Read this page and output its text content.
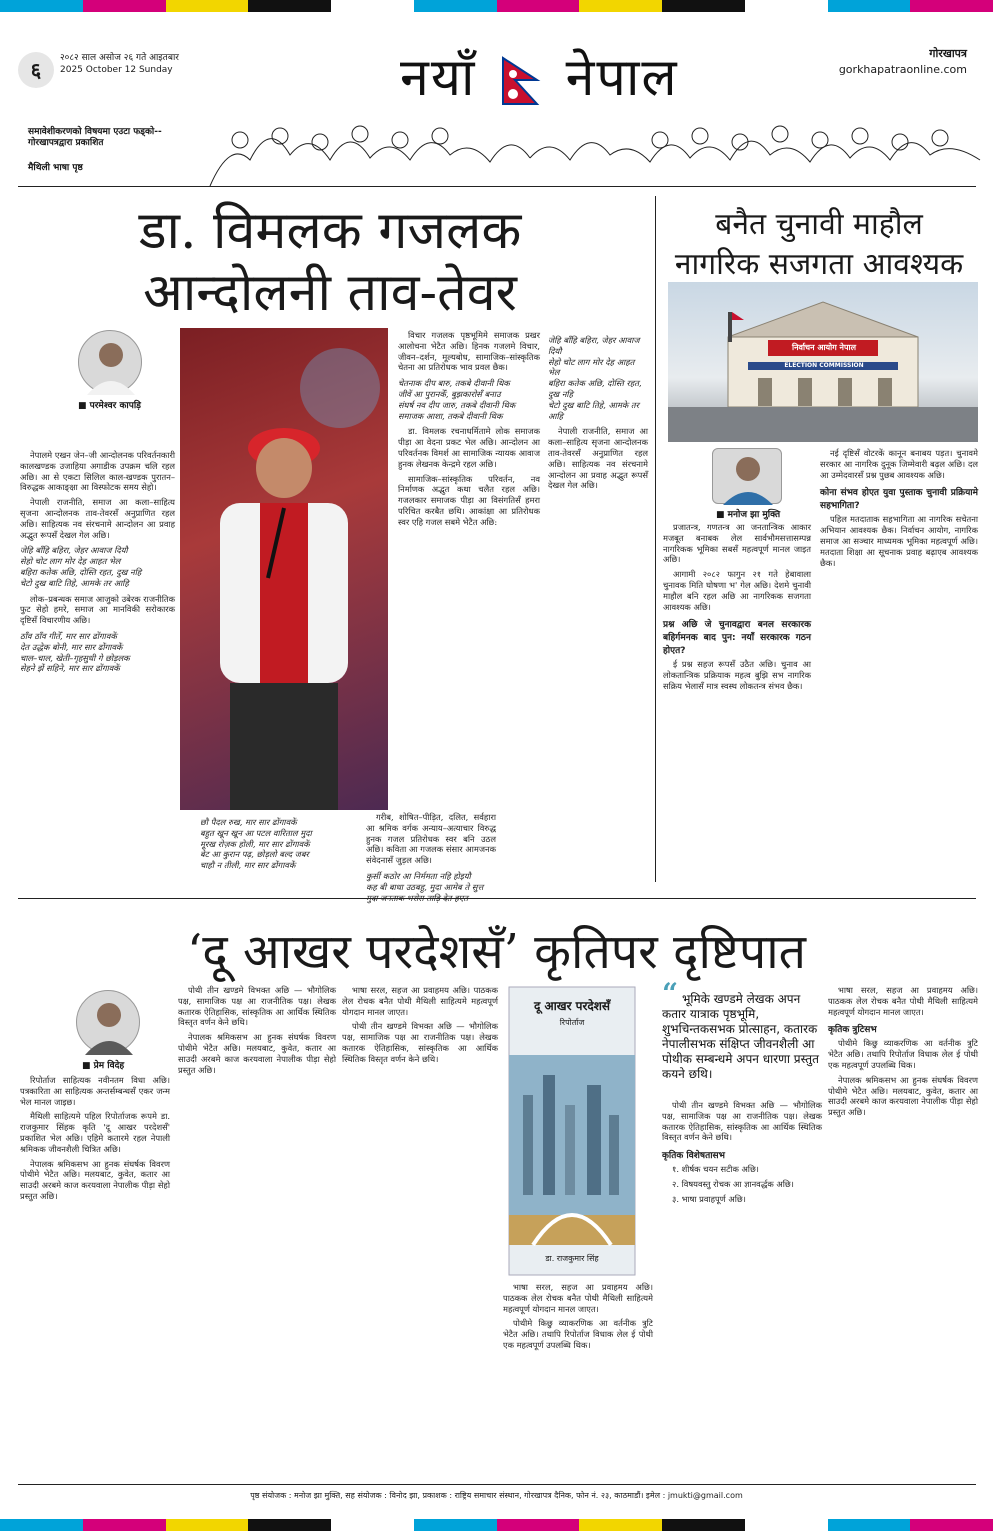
६	२०८२ साल असोज २६ गते आइतबार
2025 October 12 Sunday	नयाँ नेपाल	गोरखापत्र
gorkhapatraonline.com
समावेशीकरणको विषयमा एउटा फड्को-- गोरखापत्रद्वारा प्रकाशित
मैथिली भाषा पृष्ठ
डा. विमलक गजलक
आन्दोलनी ताव-तेवर
■ परमेश्वर कापड़ि

नेपालमे एखन जेन–जी आन्दोलनक परिवर्तनकारी कालखण्डक उजाहिया अगाडीक उपक्रम चलि रहल अछि। आ से एकटा सिलिल काल-खण्डक पुरातन–विरुद्धक आकाङ्क्षा आ विस्फोटक समय सेहो।

नेपाली राजनीति, समाज आ कला–साहित्य सृजना आन्दोलनक ताव-तेवरसँ अनुप्राणित रहल अछि। साहित्यक नव संरचनामे आन्दोलन आ प्रवाह अद्भुत रूपसँ देखल गेल अछि।

जेहि बाँहि बहिरा, जेहर आवाज दियौ
सेहो चोट लाग मोर देह आहत भेल
बहिरा कतेक अछि, दोस्ति रहत, दुख नहि
चेटो दुख बाटि तिहे, आमके तर आहि

लोक–प्रबन्धक समाज आजुको उबेरक राजनीतिक फुट सेहो हमरे, समाज आ मानविकी सरोकारक दृष्टिसँ विचारणीय अछि।

ठाँव ठाँव गीतेँ, मार सार ढोंगावकें
देत उद्धेक बोनी, मार सार ढोंगावकें
चाल–चाल, खेती–गृहसुधी गे छोड़लक
सेहने झें सहिने, मार सार ढोंगावकें
छौ पैदल रुख, मार सार ढोंगावकें
बहुत खून खून आ पटल वारिताल मुदा
मूरख रोज़क होली, मार सार ढोंगावकें
बेट आ कुरान पढ़, छोड़लो बल्द जबर
चाहौ न तीली, मार सार ढोंगावकें

गरीब, शोषित–पीड़ित, दलित, सर्वहारा आ श्रमिक वर्गक अन्याय–अत्याचार विरुद्ध हुनक गजल प्रतिरोधक स्वर बनि उठल अछि। कविता आ गजलक संसार आमजनक संवेदनासँ जुड़ल अछि।

कुर्सी कठोर आ निर्ममता नहि होइयौ
कह बी बाधा उठबहु, मुदा आमेब ते सुत्त

विचार गजलक पृष्ठभूमिमे समाजक प्रखर आलोचना भेटैत अछि। हिनक गजलमे विचार, जीवन–दर्शन, मूल्यबोध, सामाजिक–सांस्कृतिक चेतना आ प्रतिरोधक भाव प्रवल छैक।

चेतनाक दीप बारु, तकबे दीवानी थिक
जीवें आ पुरानकेँ, बुझकारोसँ बनाउ
संघर्ष नव दीप जारु, तकबे दीवानी थिक
समाजक आशा, तकबे दीवानी थिक

डा. विमलक रचनाधर्मितामे लोक समाजक पीड़ा आ वेदना प्रकट भेल अछि। आन्दोलन आ परिवर्तनक विमर्श आ सामाजिक न्यायक आवाज हुनक लेखनक केन्द्रमे रहल अछि।

सामाजिक–सांस्कृतिक परिवर्तन, नव निर्माणक अद्भुत कथा चलैत रहल अछि। गजलकार समाजक पीड़ा आ विसंगतिसँ हमरा परिचित करबैत छथि। आकांक्षा आ प्रतिरोधक स्वर एहि गजल सबमे भेटैत अछि:

जेहि बाँहि बहिरा, जेहर आवाज दियौ
सेहो चोट लाग मोर देह आहत भेल
बहिरा कतेक अछि, दोस्ति रहत, दुख नहि
चेटो दुख बाटि तिहे, आमके तर आहि

नेपाली राजनीति, समाज आ कला–साहित्य सृजना आन्दोलनक ताव-तेवरसँ अनुप्राणित रहल अछि। साहित्यक नव संरचनामे आन्दोलन आ प्रवाह अद्भुत रूपसँ देखल गेल अछि।

बनैत चुनावी माहौल
नागरिक सजगता आवश्यक
निर्वाचन आयोग नेपाल
ELECTION COMMISSION
■ मनोज झा मुक्ति

प्रजातन्त्र, गणतन्त्र आ जनतान्त्रिक आकार मजबूत बनाबक लेल सार्वभौमसत्तासम्पन्न नागरिकक भूमिका सबसँ महत्वपूर्ण मानल जाइत अछि।

आगामी २०८२ फागुन २१ गते हेबावाला चुनावक मिति घोषणा भ' गेल अछि। देशमे चुनावी माहौल बनि रहल अछि आ नागरिकक सजगता आवश्यक अछि।

प्रश्न अछि जे चुनावद्वारा बनल सरकारक बहिर्गमनक बाद पुन: नयाँ सरकारक गठन होएत?

ई प्रश्न सहज रूपसँ उठैत अछि। चुनाव आ लोकतान्त्रिक प्रक्रियाक महत्व बुझि सभ नागरिक सक्रिय भेलासँ मात्र स्वस्थ लोकतन्त्र संभव छैक।

नई दृष्टिसँ वोटरकें कानून बनाबय पड़त। चुनावमे सरकार आ नागरिक दुनूक जिम्मेवारी बढ़ल अछि। दल आ उम्मेदवारसँ प्रश्न पुछब आवश्यक अछि।

कोना संभव होएत युवा पुस्ताक चुनावी प्रक्रियामे सहभागिता?

पहिल मतदाताक सहभागिता आ नागरिक सचेतना अभियान आवश्यक छैक। निर्वाचन आयोग, नागरिक समाज आ सञ्चार माध्यमक भूमिका महत्वपूर्ण अछि। मतदाता शिक्षा आ सूचनाक प्रवाह बढ़ाएब आवश्यक छैक।

‘दू आखर परदेशसँ’ कृतिपर दृष्टिपात
■ प्रेम विदेह

रिपोर्ताज साहित्यक नवीनतम विधा अछि। पत्रकारिता आ साहित्यक अन्तर्सम्बन्धसँ एकर जन्म भेल मानल जाइछ।

मैथिली साहित्यमे पहिल रिपोर्ताजक रूपमे डा. राजकुमार सिंहक कृति 'दू आखर परदेशसँ' प्रकाशित भेल अछि। एहिमे कतारमे रहल नेपाली श्रमिकक जीवनशैली चित्रित अछि।

नेपालक श्रमिकसभ आ हुनक संघर्षक विवरण पोथीमे भेटैत अछि। मलयबाट, कुवेत, कतार आ साउदी अरबमे काज करयवाला नेपालीक पीड़ा सेहो प्रस्तुत अछि।

पोथी तीन खण्डमे विभक्त अछि — भौगोलिक पक्ष, सामाजिक पक्ष आ राजनीतिक पक्ष। लेखक कतारक ऐतिहासिक, सांस्कृतिक आ आर्थिक स्थितिक विस्तृत वर्णन केने छथि।

नेपालक श्रमिकसभ आ हुनक संघर्षक विवरण पोथीमे भेटैत अछि। मलयबाट, कुवेत, कतार आ साउदी अरबमे काज करयवाला नेपालीक पीड़ा सेहो प्रस्तुत अछि।

भाषा सरल, सहज आ प्रवाहमय अछि। पाठकक लेल रोचक बनैत पोथी मैथिली साहित्यमे महत्वपूर्ण योगदान मानल जाएत।

पोथी तीन खण्डमे विभक्त अछि — भौगोलिक पक्ष, सामाजिक पक्ष आ राजनीतिक पक्ष। लेखक कतारक ऐतिहासिक, सांस्कृतिक आ आर्थिक स्थितिक विस्तृत वर्णन केने छथि।

दू आखर परदेशसँ
रिपोर्ताज
डा. राजकुमार सिंह

भाषा सरल, सहज आ प्रवाहमय अछि। पाठकक लेल रोचक बनैत पोथी मैथिली साहित्यमे महत्वपूर्ण योगदान मानल जाएत।

पोथीमे किछु व्याकरणिक आ वर्तनीक त्रुटि भेटैत अछि। तथापि रिपोर्ताज विधाक लेल ई पोथी एक महत्वपूर्ण उपलब्धि थिक।

“ भूमिके खण्डमे लेखक अपन कतार यात्राक पृष्ठभूमि, शुभचिन्तकसभक प्रोत्साहन, कतारक नेपालीसभक संक्षिप्त जीवनशैली आ पोथीक सम्बन्धमे अपन धारणा प्रस्तुत कयने छथि।

पोथी तीन खण्डमे विभक्त अछि — भौगोलिक पक्ष, सामाजिक पक्ष आ राजनीतिक पक्ष। लेखक कतारक ऐतिहासिक, सांस्कृतिक आ आर्थिक स्थितिक विस्तृत वर्णन केने छथि।

कृतिक विशेषतासभ

१. शीर्षक चयन सटीक अछि।

२. विषयवस्तु रोचक आ ज्ञानवर्द्धक अछि।

३. भाषा प्रवाहपूर्ण अछि।

भाषा सरल, सहज आ प्रवाहमय अछि। पाठकक लेल रोचक बनैत पोथी मैथिली साहित्यमे महत्वपूर्ण योगदान मानल जाएत।

कृतिक त्रुटिसभ

पोथीमे किछु व्याकरणिक आ वर्तनीक त्रुटि भेटैत अछि। तथापि रिपोर्ताज विधाक लेल ई पोथी एक महत्वपूर्ण उपलब्धि थिक।

नेपालक श्रमिकसभ आ हुनक संघर्षक विवरण पोथीमे भेटैत अछि। मलयबाट, कुवेत, कतार आ साउदी अरबमे काज करयवाला नेपालीक पीड़ा सेहो प्रस्तुत अछि।

पृष्ठ संयोजक : मनोज झा मुक्ति, सह संयोजक : विनोद झा, प्रकाशक : राष्ट्रिय समाचार संस्थान, गोरखापत्र दैनिक, फोन नं. २३, काठमाडौं। इमेल : jmukti@gmail.com
